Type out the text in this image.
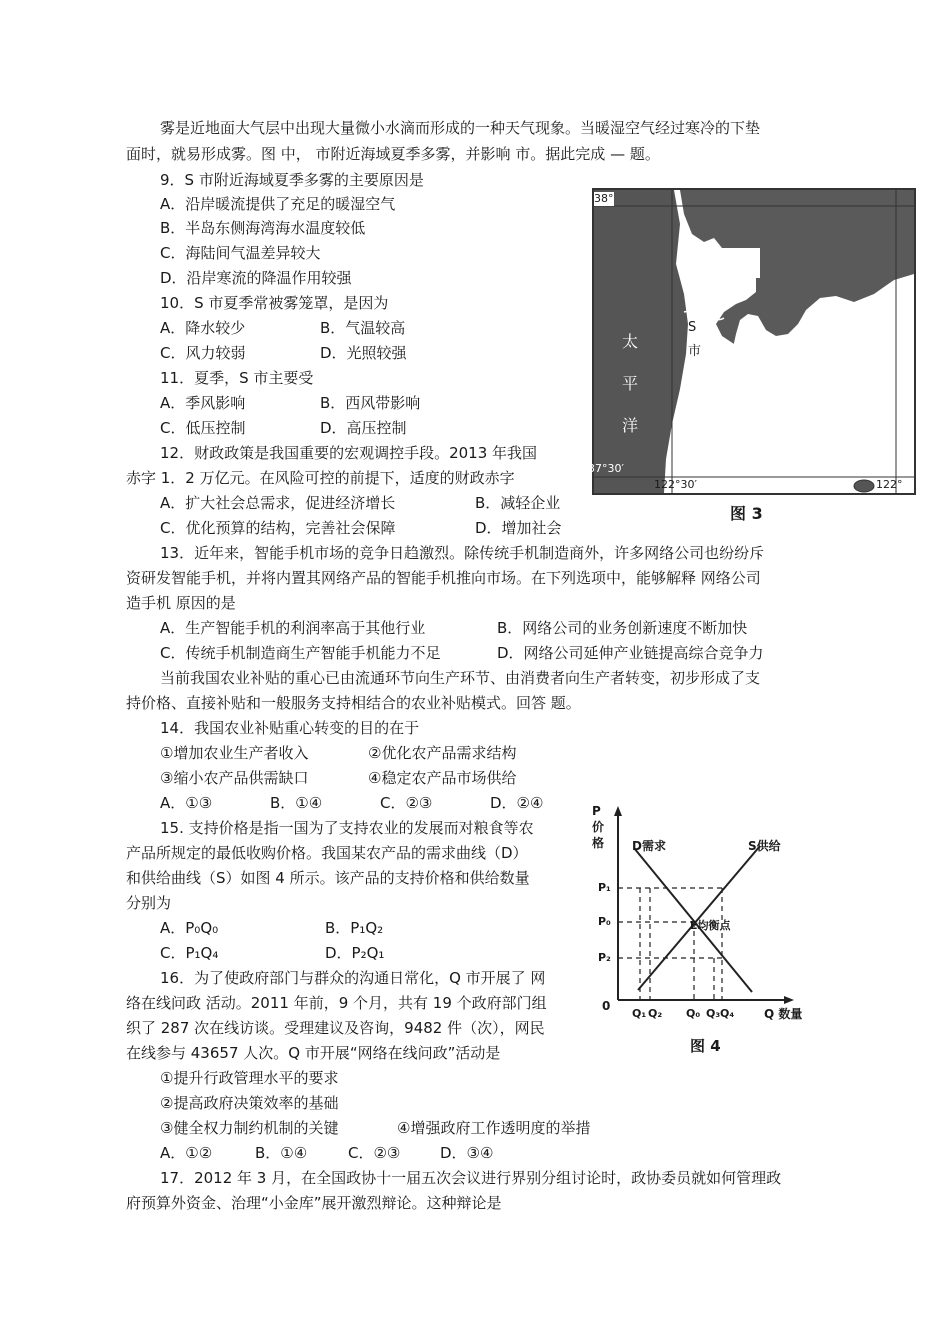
雾是近地面大气层中出现大量微小水滴而形成的一种天气现象。当暖湿空气经过寒冷的下垫
面时，就易形成雾。图 中， 市附近海域夏季多雾，并影响 市。据此完成 — 题。
9．S 市附近海域夏季多雾的主要原因是
A．沿岸暖流提供了充足的暖湿空气
B．半岛东侧海湾海水温度较低
C．海陆间气温差异较大
D．沿岸寒流的降温作用较强
10．S 市夏季常被雾笼罩，是因为
A．降水较少	B．气温较高
C．风力较弱	D．光照较强
11．夏季，S 市主要受
A．季风影响	B．西风带影响
C．低压控制	D．高压控制
12．财政政策是我国重要的宏观调控手段。2013 年我国
赤字 1．2 万亿元。在风险可控的前提下，适度的财政赤字
A．扩大社会总需求，促进经济增长	B．减轻企业
C．优化预算的结构，完善社会保障	D．增加社会
38°
37°30′
122°30′	122°
太
平
洋
S
市
图 3
13．近年来，智能手机市场的竞争日趋激烈。除传统手机制造商外，许多网络公司也纷纷斥
资研发智能手机，并将内置其网络产品的智能手机推向市场。在下列选项中，能够解释 网络公司
造手机 原因的是
A．生产智能手机的利润率高于其他行业	B．网络公司的业务创新速度不断加快
C．传统手机制造商生产智能手机能力不足	D．网络公司延伸产业链提高综合竞争力
当前我国农业补贴的重心已由流通环节向生产环节、由消费者向生产者转变，初步形成了支
持价格、直接补贴和一般服务支持相结合的农业补贴模式。回答 题。
14．我国农业补贴重心转变的目的在于
①增加农业生产者收入	②优化农产品需求结构
③缩小农产品供需缺口	④稳定农产品市场供给
A．①③	B．①④	C．②③	D．②④
15. 支持价格是指一国为了支持农业的发展而对粮食等农
产品所规定的最低收购价格。我国某农产品的需求曲线（D）
和供给曲线（S）如图 4 所示。该产品的支持价格和供给数量
分别为
A．P₀Q₀	B．P₁Q₂
C．P₁Q₄	D．P₂Q₁
P
价
格 D需求	S供给
E均衡点
P₁
P₀
P₂
0
Q₁ Q₂ Q₀ Q₃ Q₄ Q 数量
图 4
16．为了使政府部门与群众的沟通日常化，Q 市开展了 网
络在线问政 活动。2011 年前，9 个月，共有 19 个政府部门组
织了 287 次在线访谈。受理建议及咨询，9482 件（次），网民
在线参与 43657 人次。Q 市开展“网络在线问政”活动是
①提升行政管理水平的要求
②提高政府决策效率的基础
③健全权力制约机制的关键	④增强政府工作透明度的举措
A．①②	B．①④	C．②③	D．③④
17．2012 年 3 月，在全国政协十一届五次会议进行界别分组讨论时，政协委员就如何管理政
府预算外资金、治理“小金库”展开激烈辩论。这种辩论是
